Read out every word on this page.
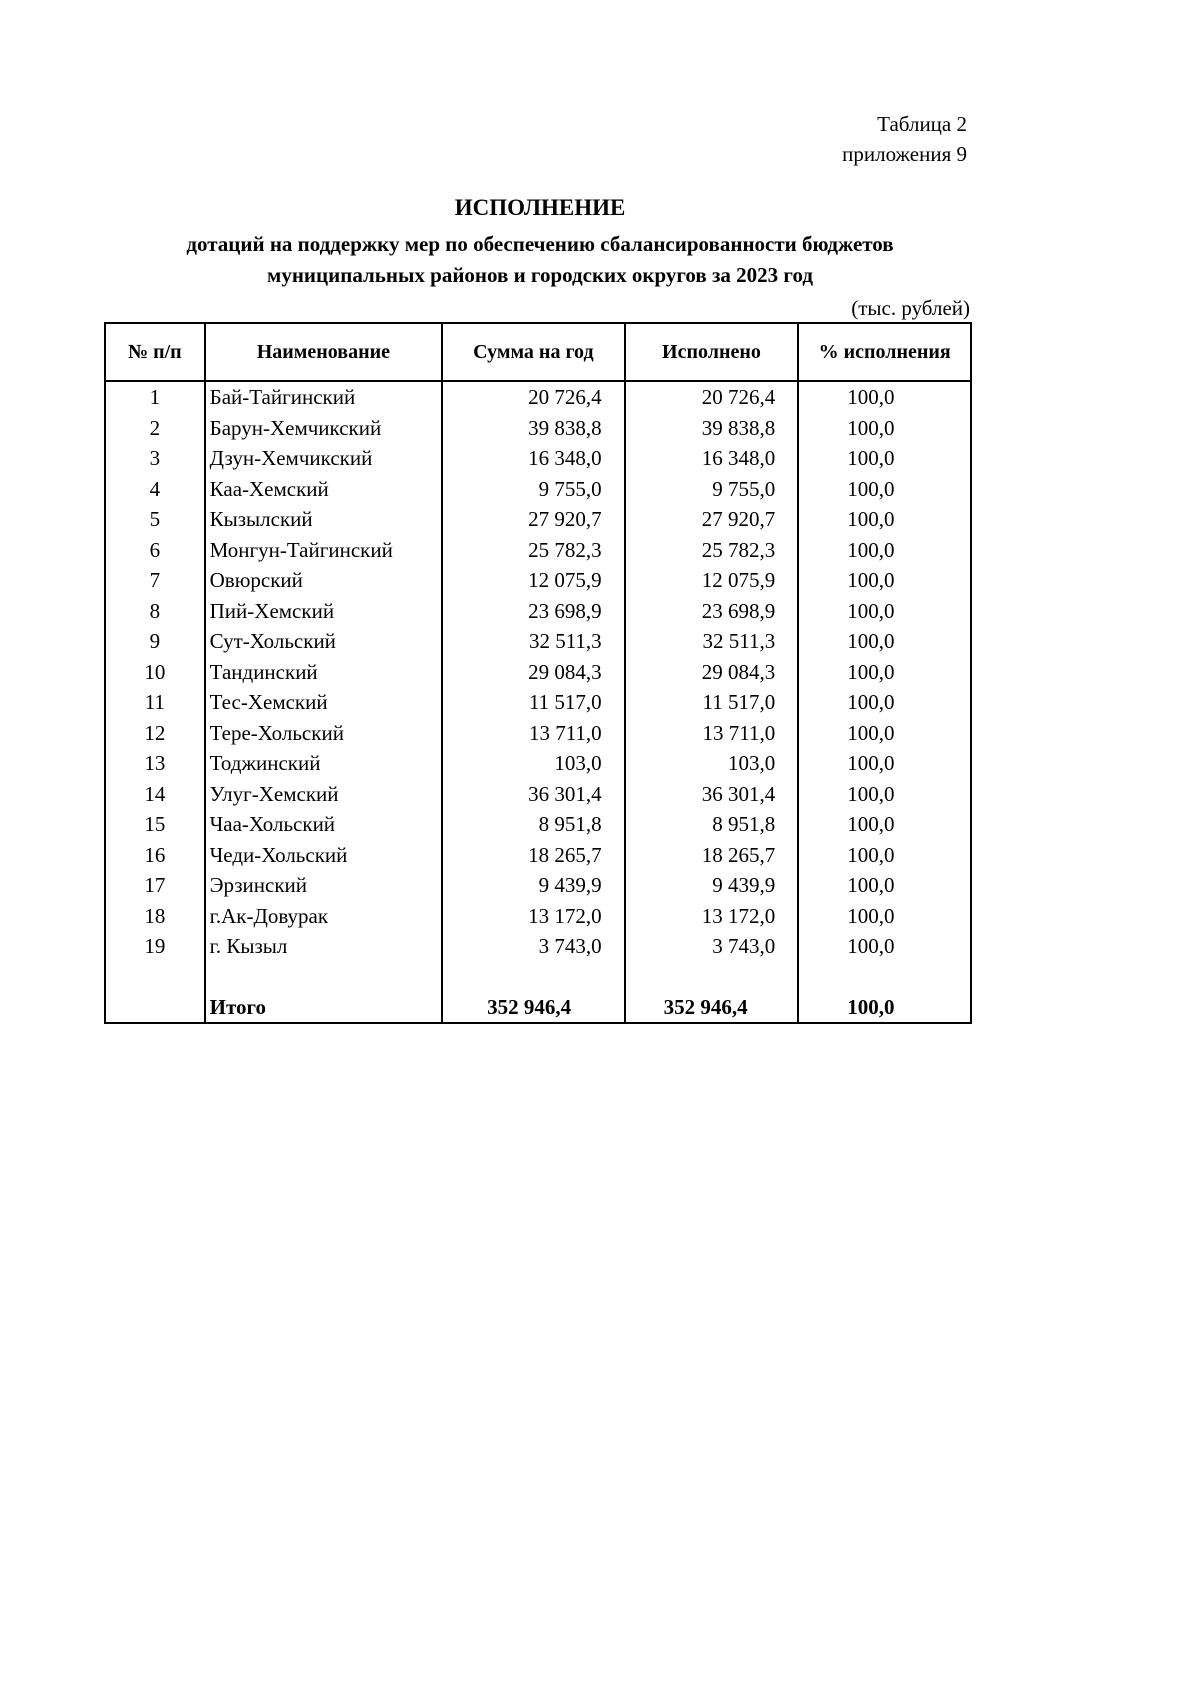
Таблица 2
приложения 9
ИСПОЛНЕНИЕ
дотаций на поддержку мер по обеспечению сбалансированности бюджетов
муниципальных районов и городских округов за 2023 год
(тыс. рублей)
№ п/п	Наименование	Сумма на год	Исполнено	% исполнения
1	Бай-Тайгинский	20 726,4	20 726,4	100,0
2	Барун-Хемчикский	39 838,8	39 838,8	100,0
3	Дзун-Хемчикский	16 348,0	16 348,0	100,0
4	Каа-Хемский	9 755,0	9 755,0	100,0
5	Кызылский	27 920,7	27 920,7	100,0
6	Монгун-Тайгинский	25 782,3	25 782,3	100,0
7	Овюрский	12 075,9	12 075,9	100,0
8	Пий-Хемский	23 698,9	23 698,9	100,0
9	Сут-Хольский	32 511,3	32 511,3	100,0
10	Тандинский	29 084,3	29 084,3	100,0
11	Тес-Хемский	11 517,0	11 517,0	100,0
12	Тере-Хольский	13 711,0	13 711,0	100,0
13	Тоджинский	103,0	103,0	100,0
14	Улуг-Хемский	36 301,4	36 301,4	100,0
15	Чаа-Хольский	8 951,8	8 951,8	100,0
16	Чеди-Хольский	18 265,7	18 265,7	100,0
17	Эрзинский	9 439,9	9 439,9	100,0
18	г.Ак-Довурак	13 172,0	13 172,0	100,0
19	г. Кызыл	3 743,0	3 743,0	100,0

	Итого	352 946,4	352 946,4	100,0
